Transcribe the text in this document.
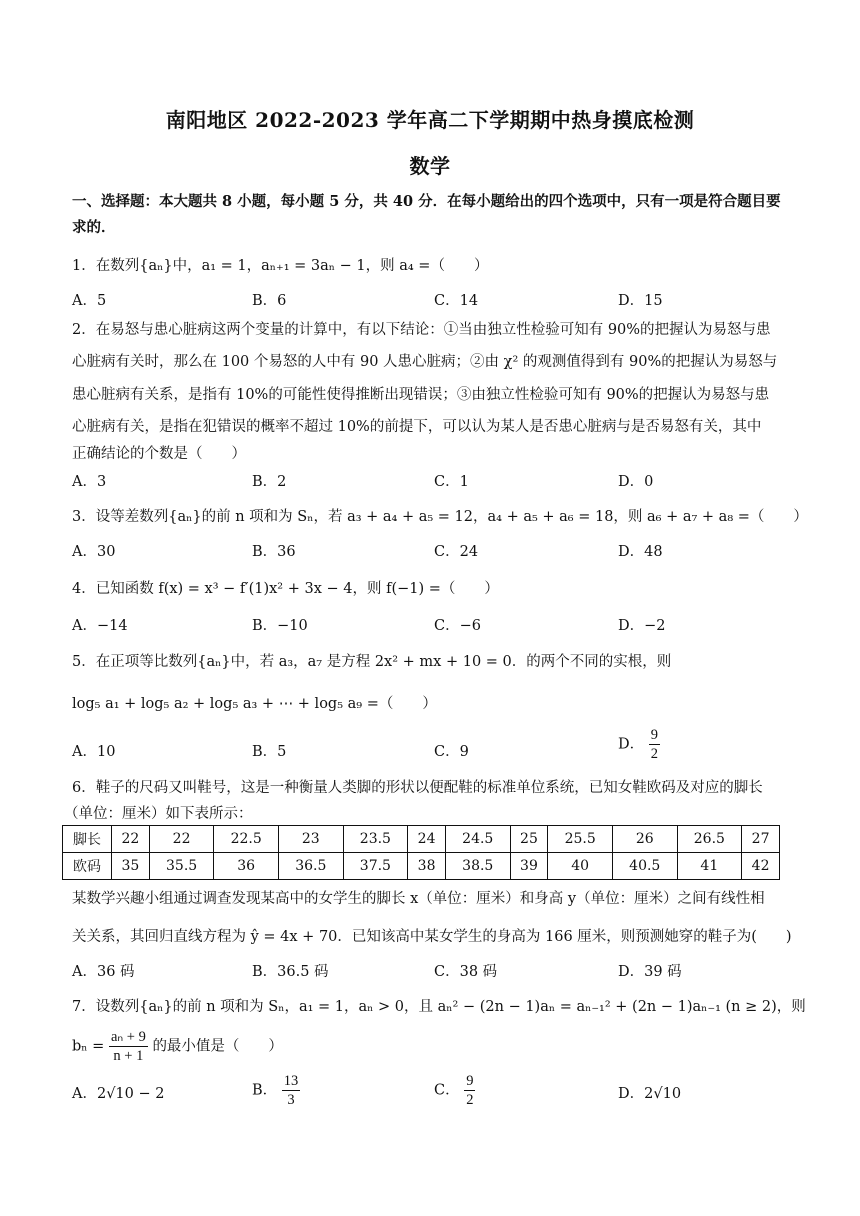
南阳地区 2022-2023 学年高二下学期期中热身摸底检测
数学
一、选择题：本大题共 8 小题，每小题 5 分，共 40 分．在每小题给出的四个选项中，只有一项是符合题目要
求的．
1．在数列{aₙ}中，a₁ = 1，aₙ₊₁ = 3aₙ − 1，则 a₄ =（　　）
A．5	B．6	C．14	D．15
2．在易怒与患心脏病这两个变量的计算中，有以下结论：①当由独立性检验可知有 90%的把握认为易怒与患
心脏病有关时，那么在 100 个易怒的人中有 90 人患心脏病；②由 χ² 的观测值得到有 90%的把握认为易怒与
患心脏病有关系，是指有 10%的可能性使得推断出现错误；③由独立性检验可知有 90%的把握认为易怒与患
心脏病有关，是指在犯错误的概率不超过 10%的前提下，可以认为某人是否患心脏病与是否易怒有关，其中
正确结论的个数是（　　）
A．3	B．2	C．1	D．0
3．设等差数列{aₙ}的前 n 项和为 Sₙ，若 a₃ + a₄ + a₅ = 12，a₄ + a₅ + a₆ = 18，则 a₆ + a₇ + a₈ =（　　）
A．30	B．36	C．24	D．48
4．已知函数 f(x) = x³ − f′(1)x² + 3x − 4，则 f(−1) =（　　）
A．−14	B．−10	C．−6	D．−2
5．在正项等比数列{aₙ}中，若 a₃，a₇ 是方程 2x² + mx + 10 = 0．的两个不同的实根，则
log₅ a₁ + log₅ a₂ + log₅ a₃ + ⋯ + log₅ a₉ =（　　）
A．10	B．5	C．9	D． $\frac{9}{2}$
6．鞋子的尺码又叫鞋号，这是一种衡量人类脚的形状以便配鞋的标准单位系统，已知女鞋欧码及对应的脚长
（单位：厘米）如下表所示：
脚长	22	22	22.5	23	23.5	24	24.5	25	25.5	26	26.5	27
欧码	35	35.5	36	36.5	37.5	38	38.5	39	40	40.5	41	42
某数学兴趣小组通过调查发现某高中的女学生的脚长 x（单位：厘米）和身高 y（单位：厘米）之间有线性相
关关系，其回归直线方程为 ŷ = 4x + 70．已知该高中某女学生的身高为 166 厘米，则预测她穿的鞋子为(　　)
A．36 码	B．36.5 码	C．38 码	D．39 码
7．设数列{aₙ}的前 n 项和为 Sₙ，a₁ = 1，aₙ > 0，且 aₙ² − (2n − 1)aₙ = aₙ₋₁² + (2n − 1)aₙ₋₁ (n ≥ 2)，则
$b_n = \frac{\text{aₙ + 9}}{n + 1}$ 的最小值是（　　）
A．2√10 − 2	B． $\frac{13}{3}$	C． $\frac{9}{2}$	D．2√10
